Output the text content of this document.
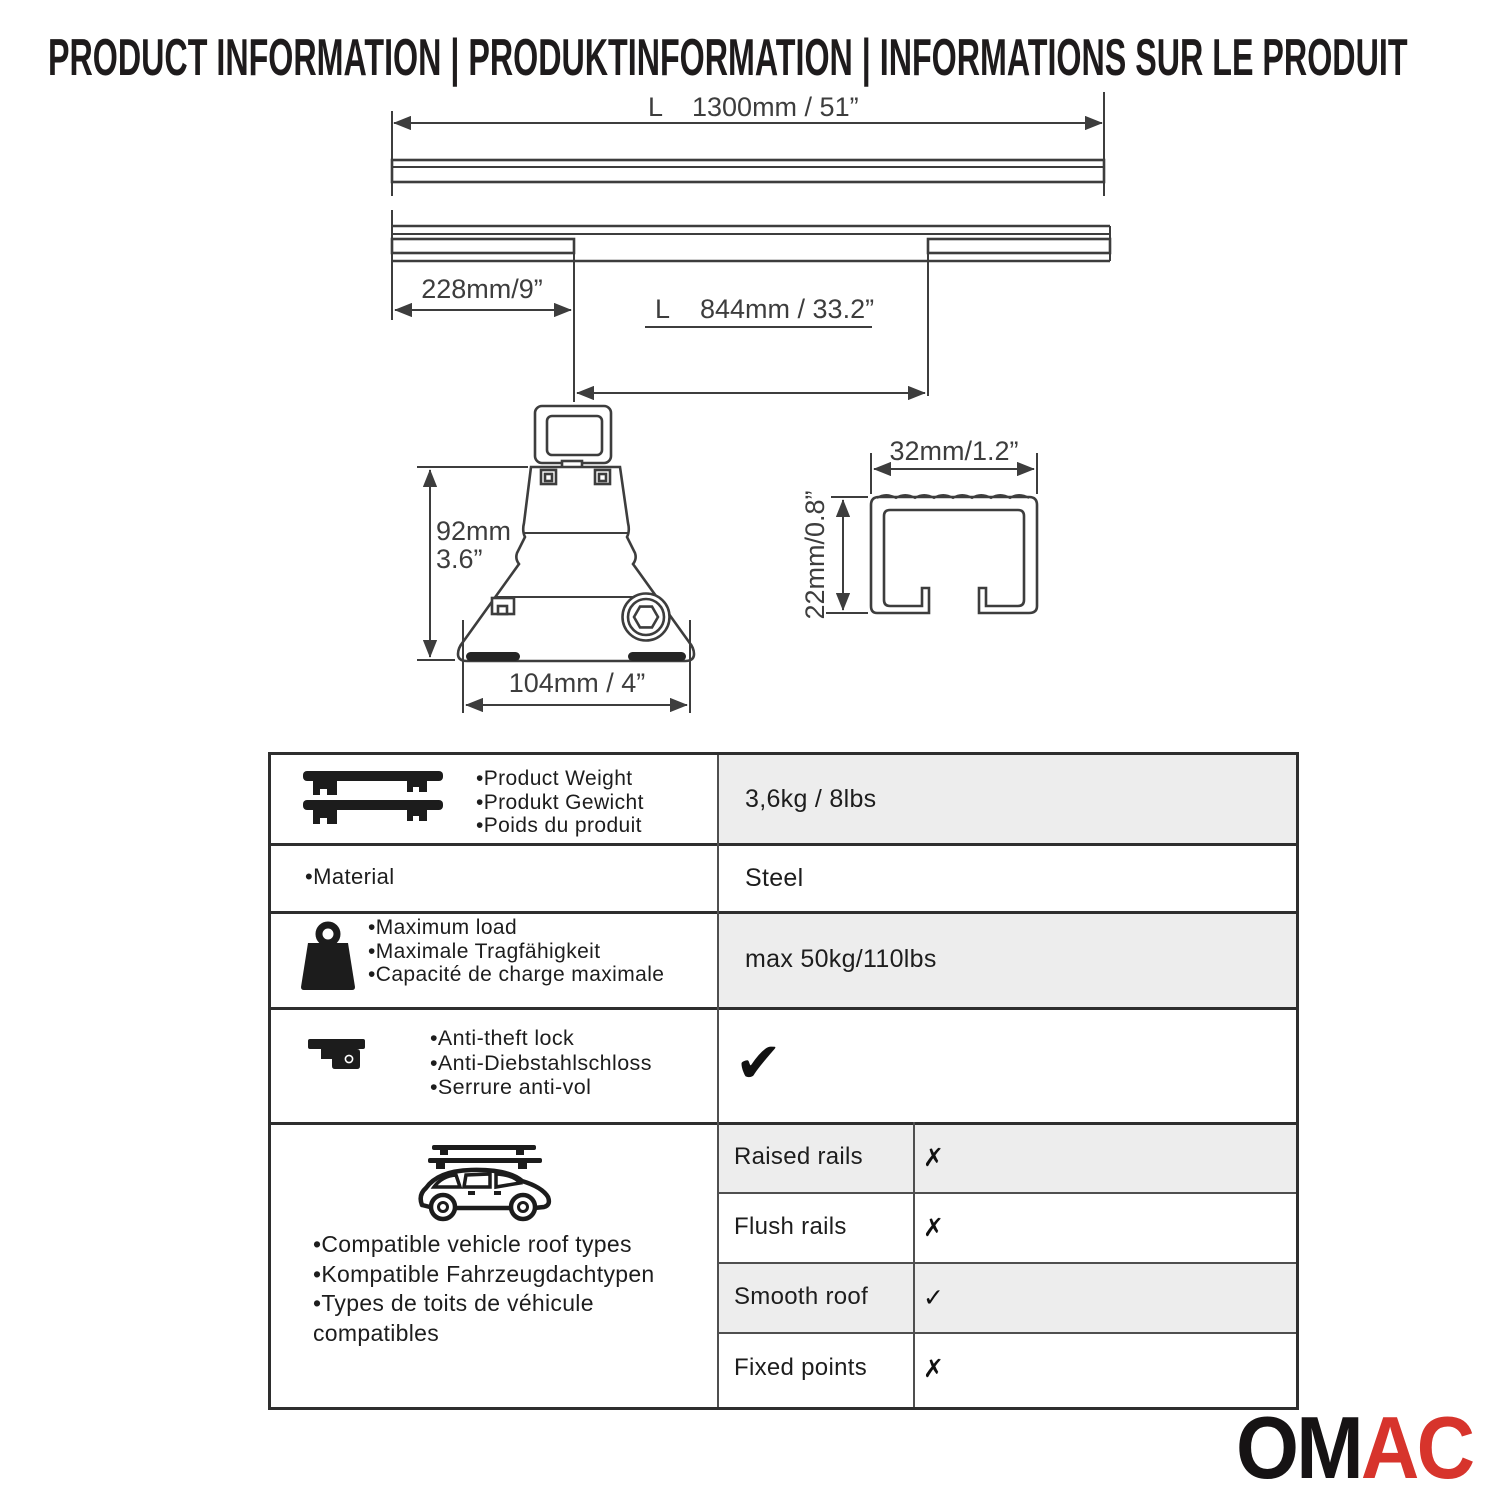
PRODUCT INFORMATION | PRODUKTINFORMATION | INFORMATIONS SUR LE PRODUIT
L 1300mm / 51”
228mm/9”
L 844mm / 33.2”
92mm
3.6”
104mm / 4”
32mm/1.2”
22mm/0.8”
•Product Weight
•Produkt Gewicht
•Poids du produit
3,6kg / 8lbs
•Material	Steel
•Maximum load
•Maximale Tragfähigkeit
•Capacité de charge maximale
max 50kg/110lbs
•Anti-theft lock
•Anti-Diebstahlschloss
•Serrure anti-vol	✔
•Compatible vehicle roof types
•Kompatible Fahrzeugdachtypen
•Types de toits de véhicule
compatibles
Raised rails ✗
Flush rails	✗
Smooth roof ✓
Fixed points ✗
OMAC
